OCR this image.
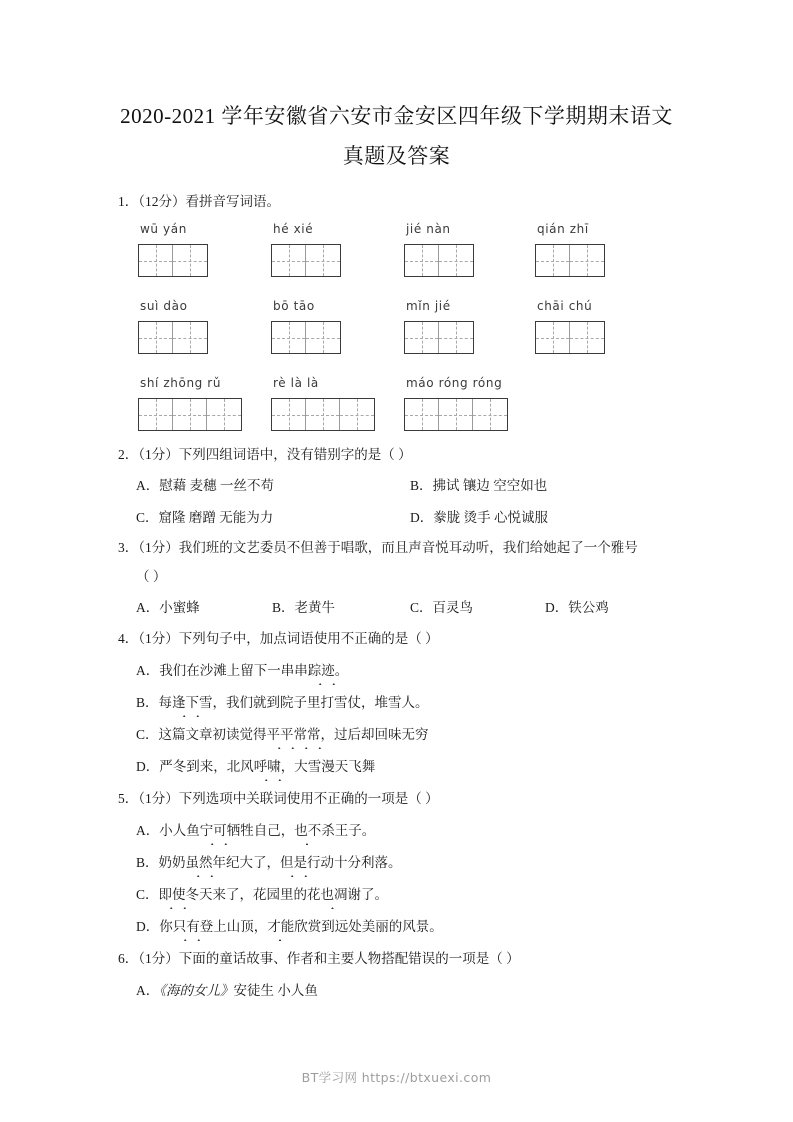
2020-2021 学年安徽省六安市金安区四年级下学期期末语文
真题及答案
1．（12分）看拼音写词语。
wū yán	hé xié	jié nàn	qián zhī
suì dào	bō tāo	mǐn jié	chāi chú
shí zhōng rǔ	rè là là	máo róng róng
2．（1分）下列四组词语中，没有错别字的是（ ）
A．慰藉 麦穗 一丝不苟	B．拂试 镶边 空空如也
C．窟隆 磨蹭 无能为力	D．豢胧 烫手 心悦诚服
3．（1分）我们班的文艺委员不但善于唱歌，而且声音悦耳动听，我们给她起了一个雅号
（ ）
A．小蜜蜂	B．老黄牛	C．百灵鸟	D．铁公鸡
4．（1分）下列句子中，加点词语使用不正确的是（ ）
A．我们在沙滩上留下一串串踪迹。
B．每逢下雪，我们就到院子里打雪仗，堆雪人。
C．这篇文章初读觉得平平常常，过后却回味无穷
D．严冬到来，北风呼啸，大雪漫天飞舞
5．（1分）下列选项中关联词使用不正确的一项是（ ）
A．小人鱼宁可牺牲自己，也不杀王子。
B．奶奶虽然年纪大了，但是行动十分利落。
C．即使冬天来了，花园里的花也凋谢了。
D．你只有登上山顶，才能欣赏到远处美丽的风景。
6．（1分）下面的童话故事、作者和主要人物搭配错误的一项是（ ）
A．《海的女儿》安徒生 小人鱼
BT学习网 https://btxuexi.com
